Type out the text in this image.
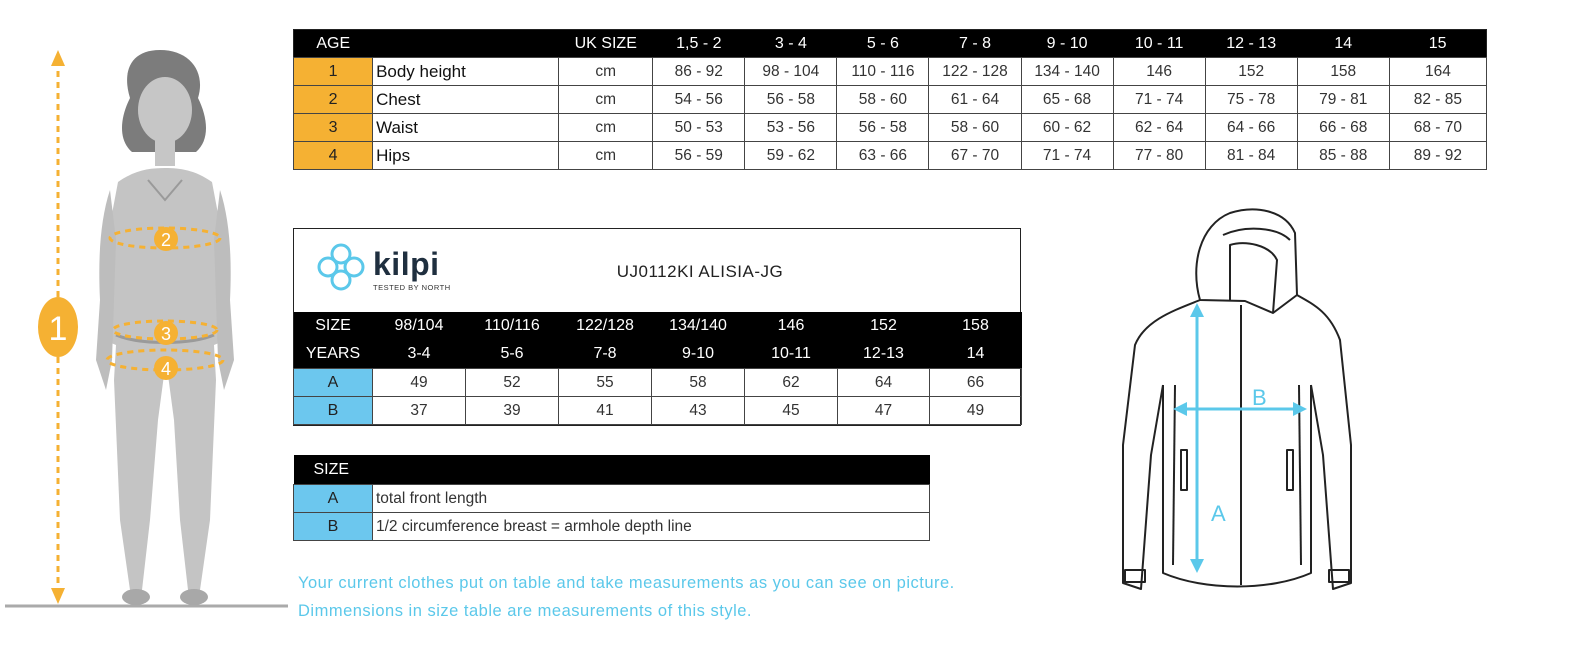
1
2
3
4
AGE		UK SIZE	1,5 - 2	3 - 4	5 - 6	7 - 8	9 - 10	10 - 11	12 - 13	14	15
1	Body height	cm	86 - 92	98 - 104	110 - 116	122 - 128	134 - 140	146	152	158	164
2	Chest	cm	54 - 56	56 - 58	58 - 60	61 - 64	65 - 68	71 - 74	75 - 78	79 - 81	82 - 85
3	Waist	cm	50 - 53	53 - 56	56 - 58	58 - 60	60 - 62	62 - 64	64 - 66	66 - 68	68 - 70
4	Hips	cm	56 - 59	59 - 62	63 - 66	67 - 70	71 - 74	77 - 80	81 - 84	85 - 88	89 - 92
kilpi
TESTED BY NORTH
UJ0112KI ALISIA-JG
SIZE	98/104	110/116	122/128	134/140	146	152	158
YEARS	3-4	5-6	7-8	9-10	10-11	12-13	14
A	49	52	55	58	62	64	66
B	37	39	41	43	45	47	49
SIZE	
A	total front length
B	1/2 circumference breast = armhole depth line
Your current clothes put on table and take measurements as you can see on picture.
Dimmensions in size table are measurements of this style.
A
B
